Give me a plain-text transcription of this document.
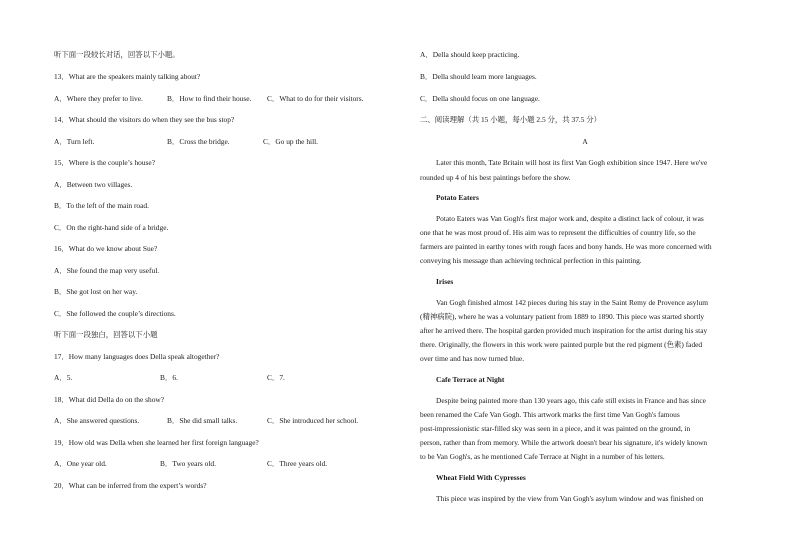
听下面一段较长对话，回答以下小题。
13．What are the speakers mainly talking about?
A．Where they prefer to live.	B．How to find their house. C．What to do for their visitors.
14．What should the visitors do when they see the bus stop?
A．Turn left.	B．Cross the bridge.	C．Go up the hill.
15．Where is the couple’s house?
A．Between two villages.
B．To the left of the main road.
C．On the right-hand side of a bridge.
16．What do we know about Sue?
A．She found the map very useful.
B．She got lost on her way.
C．She followed the couple’s directions.
听下面一段独白，回答以下小题
17．How many languages does Della speak altogether?
A．5.	B．6.	C．7.
18．What did Della do on the show?
A．She answered questions.	B．She did small talks.	C．She introduced her school.
19．How old was Della when she learned her first foreign language?
A．One year old.	B．Two years old.	C．Three years old.
20．What can be inferred from the expert’s words?
A．Della should keep practicing.
B．Della should learn more languages.
C．Della should focus on one language.
二、阅读理解（共 15 小题，每小题 2.5 分，共 37.5 分）
A
Later this month, Tate Britain will host its first Van Gogh exhibition since 1947. Here we've
rounded up 4 of his best paintings before the show.
Potato Eaters
Potato Eaters was Van Gogh's first major work and, despite a distinct lack of colour, it was
one that he was most proud of. His aim was to represent the difficulties of country life, so the
farmers are painted in earthy tones with rough faces and bony hands. He was more concerned with
conveying his message than achieving technical perfection in this painting.
Irises
Van Gogh finished almost 142 pieces during his stay in the Saint Remy de Provence asylum
(精神病院), where he was a voluntary patient from 1889 to 1890. This piece was started shortly
after he arrived there. The hospital garden provided much inspiration for the artist during his stay
there. Originally, the flowers in this work were painted purple but the red pigment (色素) faded
over time and has now turned blue.
Cafe Terrace at Night
Despite being painted more than 130 years ago, this cafe still exists in France and has since
been renamed the Cafe Van Gogh. This artwork marks the first time Van Gogh's famous
post-impressionistic star-filled sky was seen in a piece, and it was painted on the ground, in
person, rather than from memory. While the artwork doesn't bear his signature, it's widely known
to be Van Gogh's, as he mentioned Cafe Terrace at Night in a number of his letters.
Wheat Field With Cypresses
This piece was inspired by the view from Van Gogh's asylum window and was finished on
